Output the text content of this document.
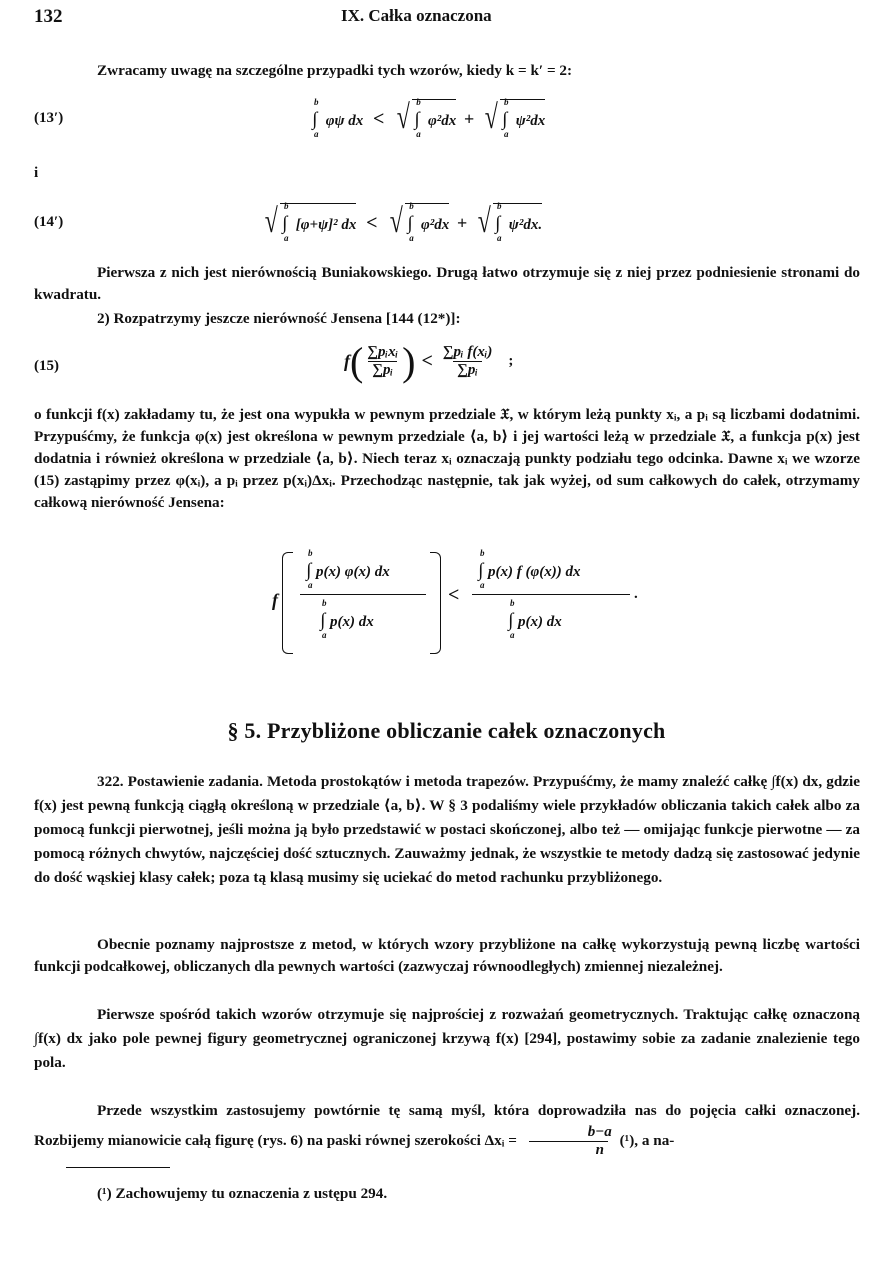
132	IX. Całka oznaczona
Zwracamy uwagę na szczególne przypadki tych wzorów, kiedy k = k′ = 2:
(13′)	∫
b
a
φψ dx < √ ∫
b
a
φ²dx + √ ∫
b
a
ψ²dx
i
(14′)	√ ∫
b
a
[φ+ψ]² dx < √ ∫
b
a
φ²dx + √ ∫
b
a
ψ²dx.
Pierwsza z nich jest nierównością Buniakowskiego. Drugą łatwo otrzymuje się z niej przez podniesienie stronami do kwadratu.
2) Rozpatrzymy jeszcze nierówność Jensena [144 (12*)]:
(15)	f ( $\frac{\text{∑pᵢxᵢ}}{\text{∑pᵢ}}$ ) < $\frac{\text{∑pᵢ f(xᵢ)}}{\text{∑pᵢ}}$ ;
o funkcji f(x) zakładamy tu, że jest ona wypukła w pewnym przedziale 𝔛, w którym leżą punkty xᵢ, a pᵢ są liczbami dodatnimi. Przypuśćmy, że funkcja φ(x) jest określona w pewnym przedziale ⟨a, b⟩ i jej wartości leżą w przedziale 𝔛, a funkcja p(x) jest dodatnia i również określona w przedziale ⟨a, b⟩. Niech teraz xᵢ oznaczają punkty podziału tego odcinka. Dawne xᵢ we wzorze (15) zastąpimy przez φ(xᵢ), a pᵢ przez p(xᵢ)Δxᵢ. Przechodząc następnie, tak jak wyżej, od sum całkowych do całek, otrzymamy całkową nierówność Jensena:
f
∫
b
a
p(x) φ(x) dx
∫
b
a
p(x) dx
<
∫
b
a
p(x) f (φ(x)) dx
∫
b
a
p(x) dx
.
§ 5. Przybliżone obliczanie całek oznaczonych
322. Postawienie zadania. Metoda prostokątów i metoda trapezów. Przypuśćmy, że mamy znaleźć całkę ∫f(x) dx, gdzie f(x) jest pewną funkcją ciągłą określoną w przedziale ⟨a, b⟩. W § 3 podaliśmy wiele przykładów obliczania takich całek albo za pomocą funkcji pierwotnej, jeśli można ją było przedstawić w postaci skończonej, albo też — omijając funkcje pierwotne — za pomocą różnych chwytów, najczęściej dość sztucznych. Zauważmy jednak, że wszystkie te metody dadzą się zastosować jedynie do dość wąskiej klasy całek; poza tą klasą musimy się uciekać do metod rachunku przybliżonego.
Obecnie poznamy najprostsze z metod, w których wzory przybliżone na całkę wykorzystują pewną liczbę wartości funkcji podcałkowej, obliczanych dla pewnych wartości (zazwyczaj równoodległych) zmiennej niezależnej.
Pierwsze spośród takich wzorów otrzymuje się najprościej z rozważań geometrycznych. Traktując całkę oznaczoną ∫f(x) dx jako pole pewnej figury geometrycznej ograniczonej krzywą f(x) [294], postawimy sobie za zadanie znalezienie tego pola.
Przede wszystkim zastosujemy powtórnie tę samą myśl, która doprowadziła nas do pojęcia całki oznaczonej. Rozbijemy mianowicie całą figurę (rys. 6) na paski równej szerokości Δxᵢ = $\frac{b-a}{n} (^1)$, a na-
(¹) Zachowujemy tu oznaczenia z ustępu 294.
